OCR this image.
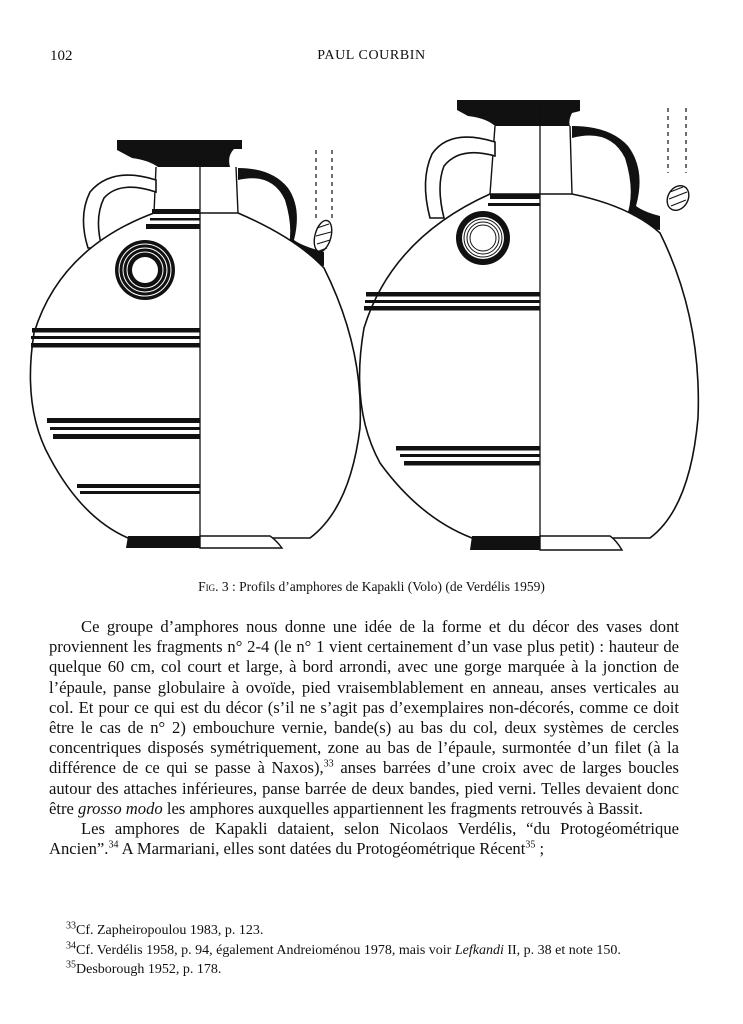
102	PAUL COURBIN
Fig. 3 : Profils d’amphores de Kapakli (Volo) (de Verdélis 1959)

Ce groupe d’amphores nous donne une idée de la forme et du décor des vases dont proviennent les fragments n° 2-4 (le n° 1 vient certainement d’un vase plus petit) : hauteur de quelque 60 cm, col court et large, à bord arrondi, avec une gorge marquée à la jonction de l’épaule, panse globulaire à ovoïde, pied vraisemblablement en anneau, anses verticales au col. Et pour ce qui est du décor (s’il ne s’agit pas d’exemplaires non-décorés, comme ce doit être le cas de n° 2) embouchure vernie, bande(s) au bas du col, deux systèmes de cercles concentriques disposés symétriquement, zone au bas de l’épaule, surmontée d’un filet (à la différence de ce qui se passe à Naxos),$^{33}$ anses barrées d’une croix avec de larges boucles autour des attaches inférieures, panse barrée de deux bandes, pied verni. Telles devaient donc être grosso modo les amphores auxquelles appartiennent les fragments retrouvés à Bassit.

Les amphores de Kapakli dataient, selon Nicolaos Verdélis, “du Protogéométrique Ancien”.$^{34}$ A Marmariani, elles sont datées du Protogéométrique Récent$^{35}$ ;

$^{33}$Cf. Zapheiropoulou 1983, p. 123.
$^{34}$Cf. Verdélis 1958, p. 94, également Andreioménou 1978, mais voir Lefkandi II, p. 38 et note 150.
$^{35}$Desborough 1952, p. 178.
